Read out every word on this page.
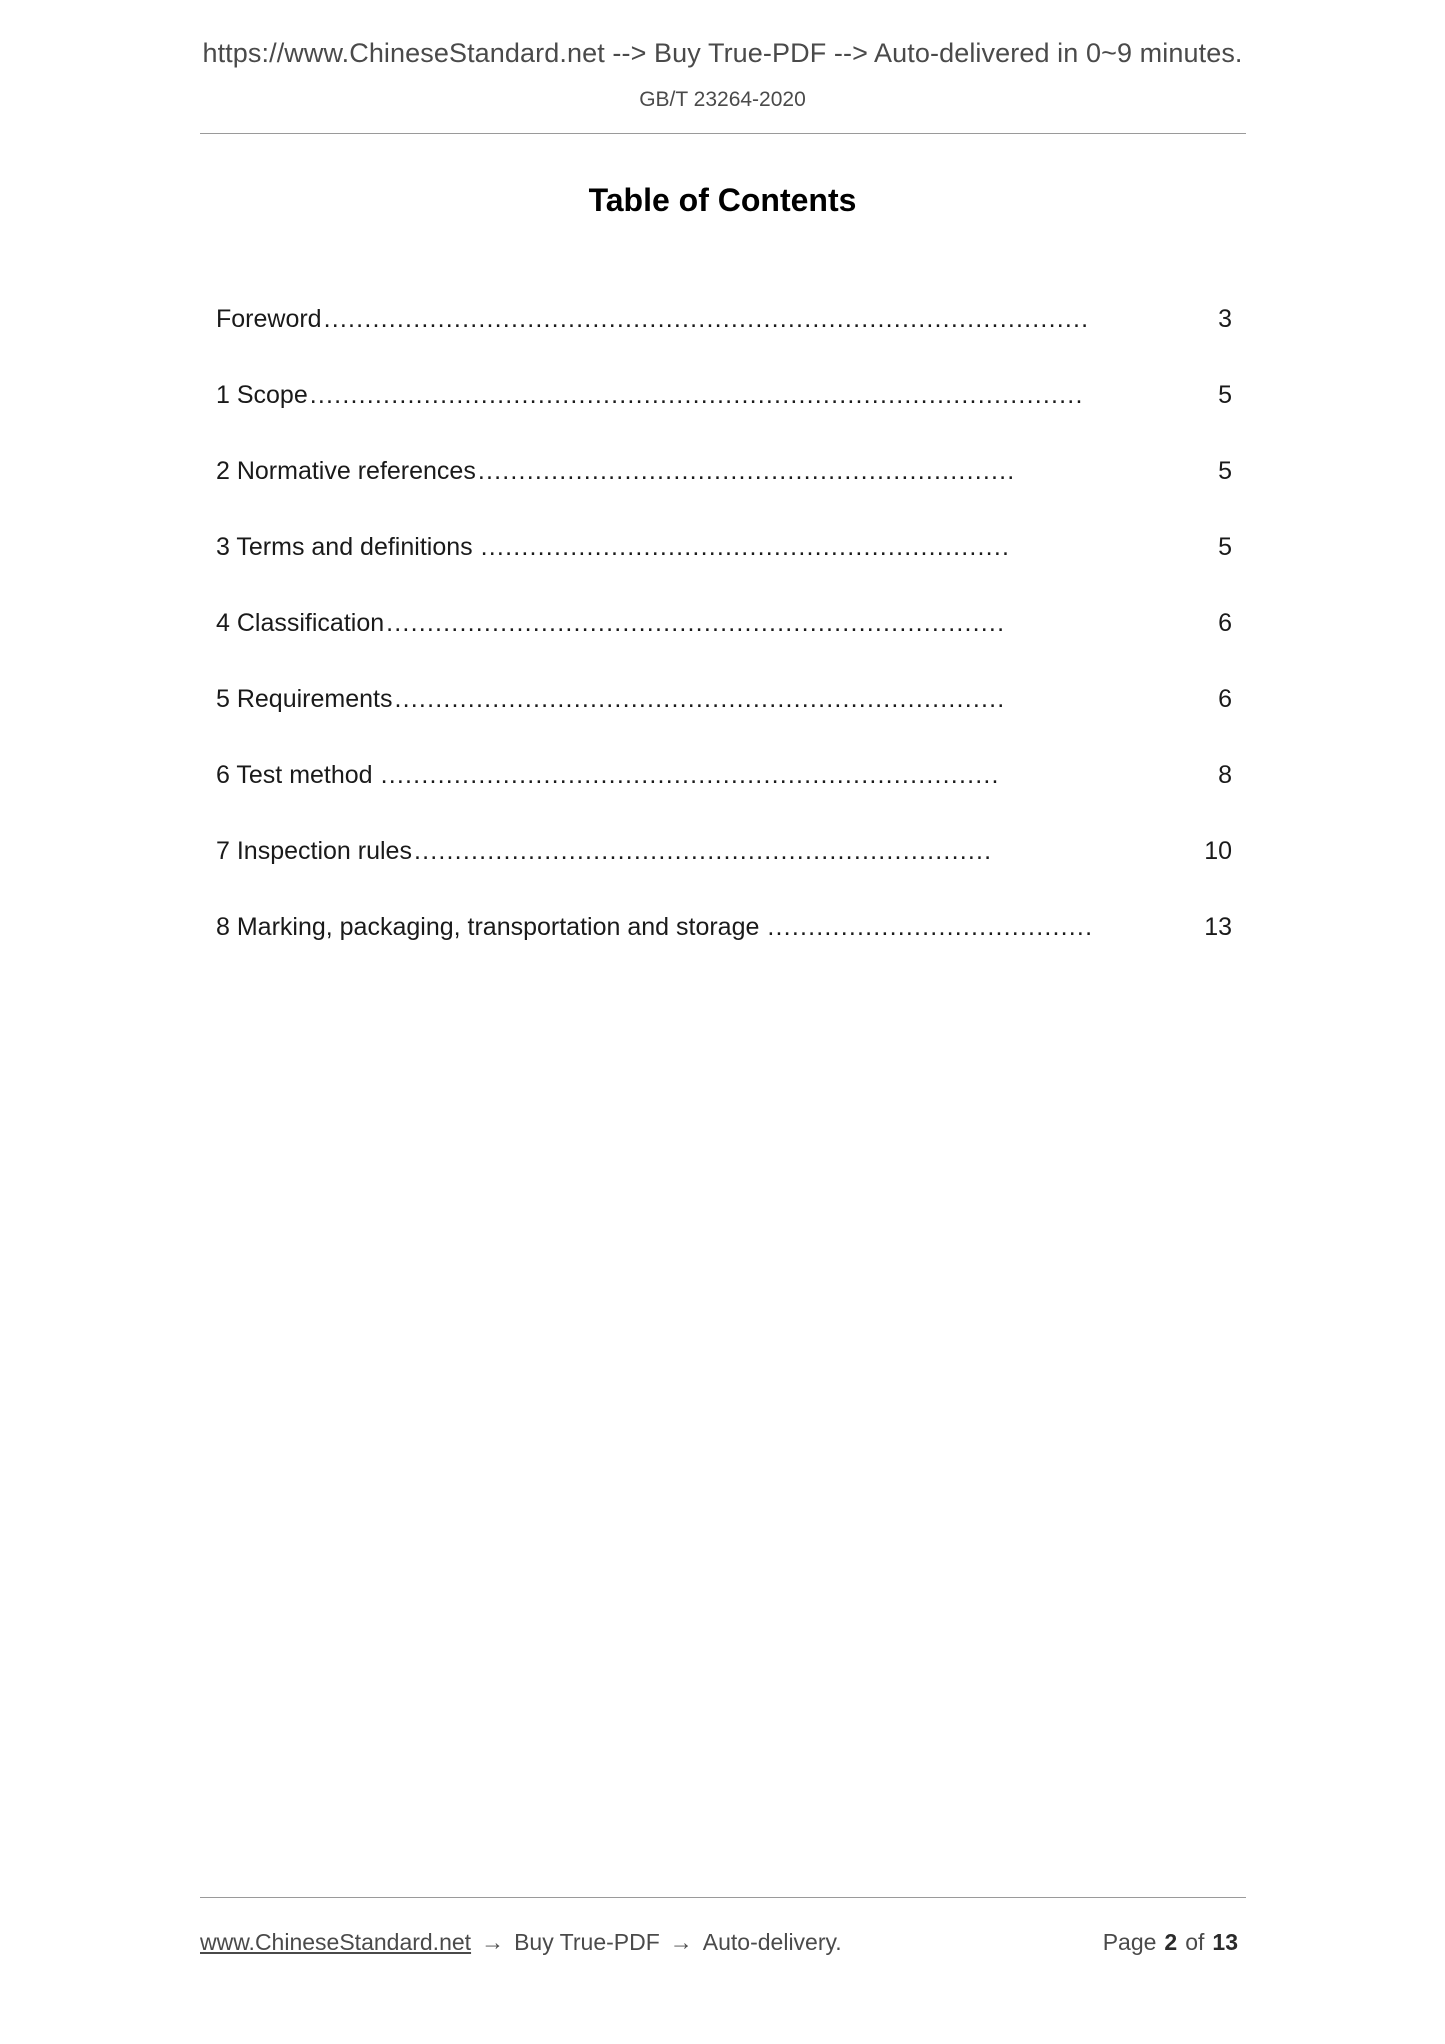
https://www.ChineseStandard.net --> Buy True-PDF --> Auto-delivered in 0~9 minutes.
GB/T 23264-2020
Table of Contents
Foreword ..............................................................................................	3
1 Scope ...............................................................................................	5
2 Normative references ..................................................................	5
3 Terms and definitions .................................................................	5
4 Classification ............................................................................	6
5 Requirements ...........................................................................	6
6 Test method ............................................................................	8
7 Inspection rules .......................................................................	10
8 Marking, packaging, transportation and storage ........................................	13
www.ChineseStandard.net → Buy True-PDF → Auto-delivery.	Page 2 of 13
